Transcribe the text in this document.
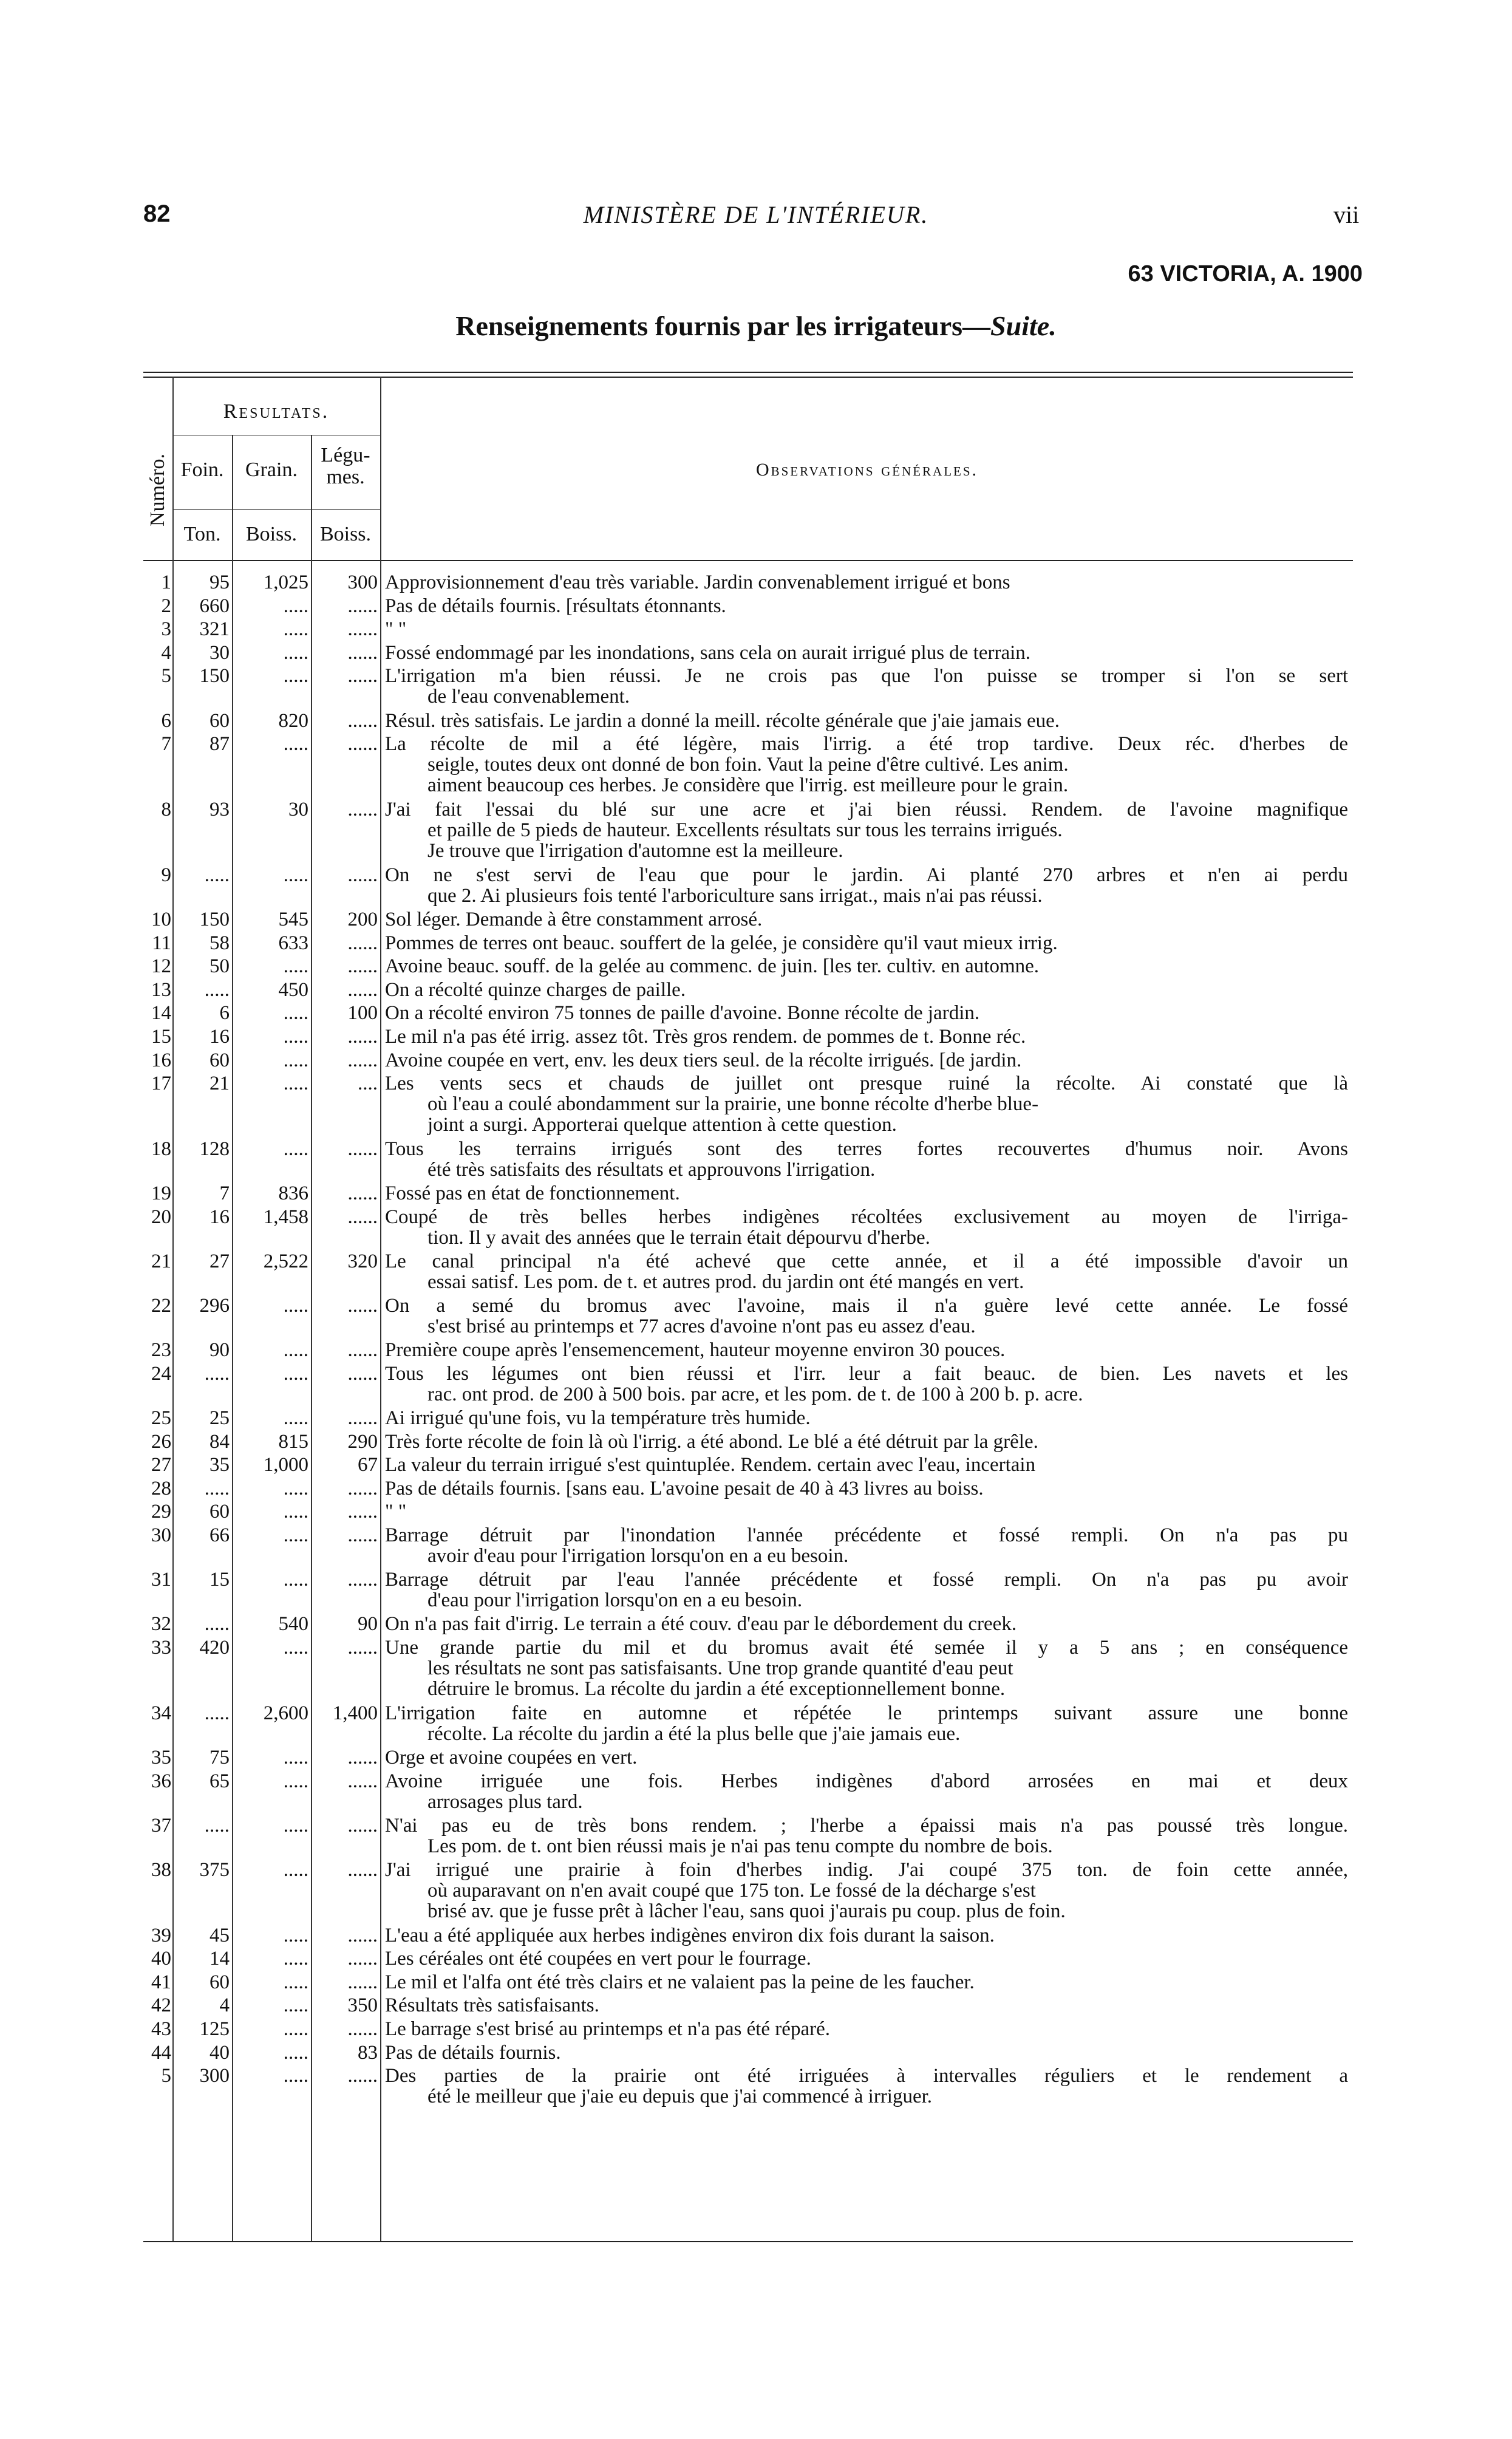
82	MINISTÈRE DE L'INTÉRIEUR.	vii
63 VICTORIA, A. 1900
Renseignements fournis par les irrigateurs—Suite.
Numéro.
Resultats.
Foin.	Grain.
Légu-
mes.
Ton.	Boiss.	Boiss.
Observations générales.
1	95	1,025	300 Approvisionnement d'eau très variable. Jardin convenablement irrigué et bons
2	660	.....	...... Pas de détails fournis. [résultats étonnants.
3	321	.....	...... " "
4	30	.....	...... Fossé endommagé par les inondations, sans cela on aurait irrigué plus de terrain.
5	150	.....	...... L'irrigation m'a bien réussi. Je ne crois pas que l'on puisse se tromper si l'on se sert
de l'eau convenablement.
6	60	820	...... Résul. très satisfais. Le jardin a donné la meill. récolte générale que j'aie jamais eue.
7	87	.....	...... La récolte de mil a été légère, mais l'irrig. a été trop tardive. Deux réc. d'herbes de
seigle, toutes deux ont donné de bon foin. Vaut la peine d'être cultivé. Les anim.
aiment beaucoup ces herbes. Je considère que l'irrig. est meilleure pour le grain.
8	93	30	...... J'ai fait l'essai du blé sur une acre et j'ai bien réussi. Rendem. de l'avoine magnifique
et paille de 5 pieds de hauteur. Excellents résultats sur tous les terrains irrigués.
Je trouve que l'irrigation d'automne est la meilleure.
9	.....	.....	...... On ne s'est servi de l'eau que pour le jardin. Ai planté 270 arbres et n'en ai perdu
que 2. Ai plusieurs fois tenté l'arboriculture sans irrigat., mais n'ai pas réussi.
10	150	545	200 Sol léger. Demande à être constamment arrosé.
11	58	633	...... Pommes de terres ont beauc. souffert de la gelée, je considère qu'il vaut mieux irrig.
12	50	.....	...... Avoine beauc. souff. de la gelée au commenc. de juin. [les ter. cultiv. en automne.
13	.....	450	...... On a récolté quinze charges de paille.
14	6	.....	100 On a récolté environ 75 tonnes de paille d'avoine. Bonne récolte de jardin.
15	16	.....	...... Le mil n'a pas été irrig. assez tôt. Très gros rendem. de pommes de t. Bonne réc.
16	60	.....	...... Avoine coupée en vert, env. les deux tiers seul. de la récolte irrigués. [de jardin.
17	21	.....	.... Les vents secs et chauds de juillet ont presque ruiné la récolte. Ai constaté que là
où l'eau a coulé abondamment sur la prairie, une bonne récolte d'herbe blue-
joint a surgi. Apporterai quelque attention à cette question.
18	128	.....	...... Tous les terrains irrigués sont des terres fortes recouvertes d'humus noir. Avons
été très satisfaits des résultats et approuvons l'irrigation.
19	7	836	...... Fossé pas en état de fonctionnement.
20	16	1,458	...... Coupé de très belles herbes indigènes récoltées exclusivement au moyen de l'irriga-
tion. Il y avait des années que le terrain était dépourvu d'herbe.
21	27	2,522	320 Le canal principal n'a été achevé que cette année, et il a été impossible d'avoir un
essai satisf. Les pom. de t. et autres prod. du jardin ont été mangés en vert.
22	296	.....	...... On a semé du bromus avec l'avoine, mais il n'a guère levé cette année. Le fossé
s'est brisé au printemps et 77 acres d'avoine n'ont pas eu assez d'eau.
23	90	.....	...... Première coupe après l'ensemencement, hauteur moyenne environ 30 pouces.
24	.....	.....	...... Tous les légumes ont bien réussi et l'irr. leur a fait beauc. de bien. Les navets et les
rac. ont prod. de 200 à 500 bois. par acre, et les pom. de t. de 100 à 200 b. p. acre.
25	25	.....	...... Ai irrigué qu'une fois, vu la température très humide.
26	84	815	290 Très forte récolte de foin là où l'irrig. a été abond. Le blé a été détruit par la grêle.
27	35	1,000	67 La valeur du terrain irrigué s'est quintuplée. Rendem. certain avec l'eau, incertain
28	.....	.....	...... Pas de détails fournis. [sans eau. L'avoine pesait de 40 à 43 livres au boiss.
29	60	.....	...... " "
30	66	.....	...... Barrage détruit par l'inondation l'année précédente et fossé rempli. On n'a pas pu
avoir d'eau pour l'irrigation lorsqu'on en a eu besoin.
31	15	.....	...... Barrage détruit par l'eau l'année précédente et fossé rempli. On n'a pas pu avoir
d'eau pour l'irrigation lorsqu'on en a eu besoin.
32	.....	540	90 On n'a pas fait d'irrig. Le terrain a été couv. d'eau par le débordement du creek.
33	420	.....	...... Une grande partie du mil et du bromus avait été semée il y a 5 ans ; en conséquence
les résultats ne sont pas satisfaisants. Une trop grande quantité d'eau peut
détruire le bromus. La récolte du jardin a été exceptionnellement bonne.
34	.....	2,600	1,400 L'irrigation faite en automne et répétée le printemps suivant assure une bonne
récolte. La récolte du jardin a été la plus belle que j'aie jamais eue.
35	75	.....	...... Orge et avoine coupées en vert.
36	65	.....	...... Avoine irriguée une fois. Herbes indigènes d'abord arrosées en mai et deux
arrosages plus tard.
37	.....	.....	...... N'ai pas eu de très bons rendem. ; l'herbe a épaissi mais n'a pas poussé très longue.
Les pom. de t. ont bien réussi mais je n'ai pas tenu compte du nombre de bois.
38	375	.....	...... J'ai irrigué une prairie à foin d'herbes indig. J'ai coupé 375 ton. de foin cette année,
où auparavant on n'en avait coupé que 175 ton. Le fossé de la décharge s'est
brisé av. que je fusse prêt à lâcher l'eau, sans quoi j'aurais pu coup. plus de foin.
39	45	.....	...... L'eau a été appliquée aux herbes indigènes environ dix fois durant la saison.
40	14	.....	...... Les céréales ont été coupées en vert pour le fourrage.
41	60	.....	...... Le mil et l'alfa ont été très clairs et ne valaient pas la peine de les faucher.
42	4	.....	350 Résultats très satisfaisants.
43	125	.....	...... Le barrage s'est brisé au printemps et n'a pas été réparé.
44	40	.....	83 Pas de détails fournis.
5	300	.....	...... Des parties de la prairie ont été irriguées à intervalles réguliers et le rendement a
été le meilleur que j'aie eu depuis que j'ai commencé à irriguer.
